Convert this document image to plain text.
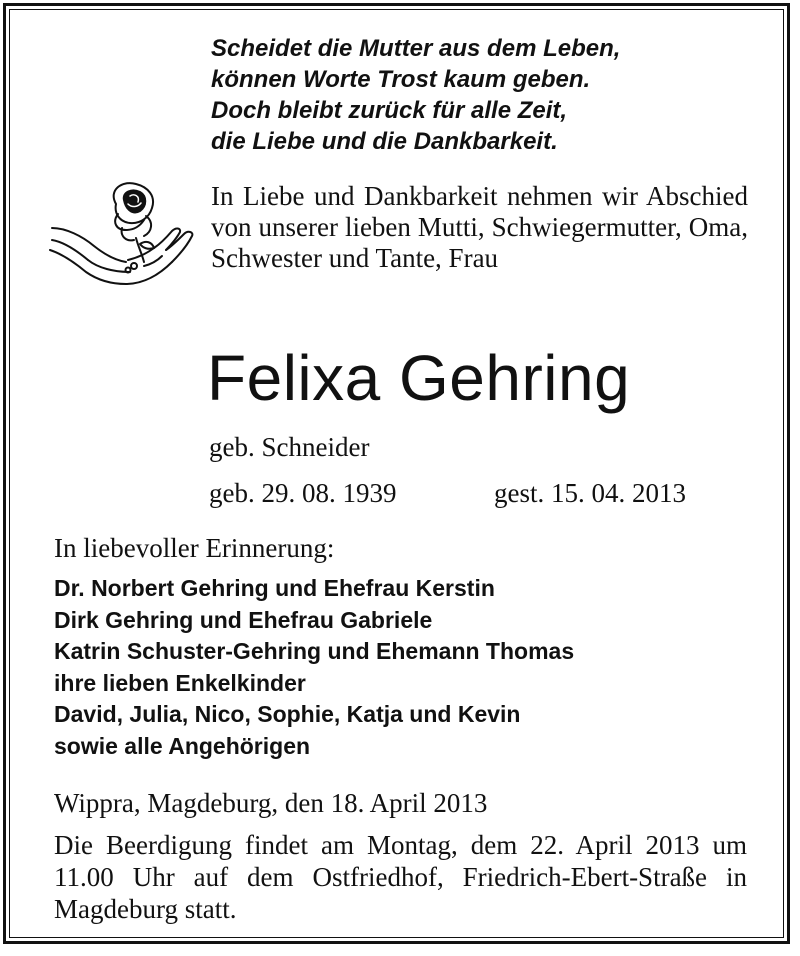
Scheidet die Mutter aus dem Leben,
können Worte Trost kaum geben.
Doch bleibt zurück für alle Zeit,
die Liebe und die Dankbarkeit.
In Liebe und Dankbarkeit nehmen wir Abschied von unserer lieben Mutti, Schwiegermutter, Oma, Schwester und Tante, Frau
Felixa Gehring
geb. Schneider
geb. 29. 08. 1939	gest. 15. 04. 2013
In liebevoller Erinnerung:
Dr. Norbert Gehring und Ehefrau Kerstin
Dirk Gehring und Ehefrau Gabriele
Katrin Schuster-Gehring und Ehemann Thomas
ihre lieben Enkelkinder
David, Julia, Nico, Sophie, Katja und Kevin
sowie alle Angehörigen
Wippra, Magdeburg, den 18. April 2013
Die Beerdigung findet am Montag, dem 22. April 2013 um 11.00 Uhr auf dem Ostfriedhof, Friedrich-Ebert-Straße in Magdeburg statt.
